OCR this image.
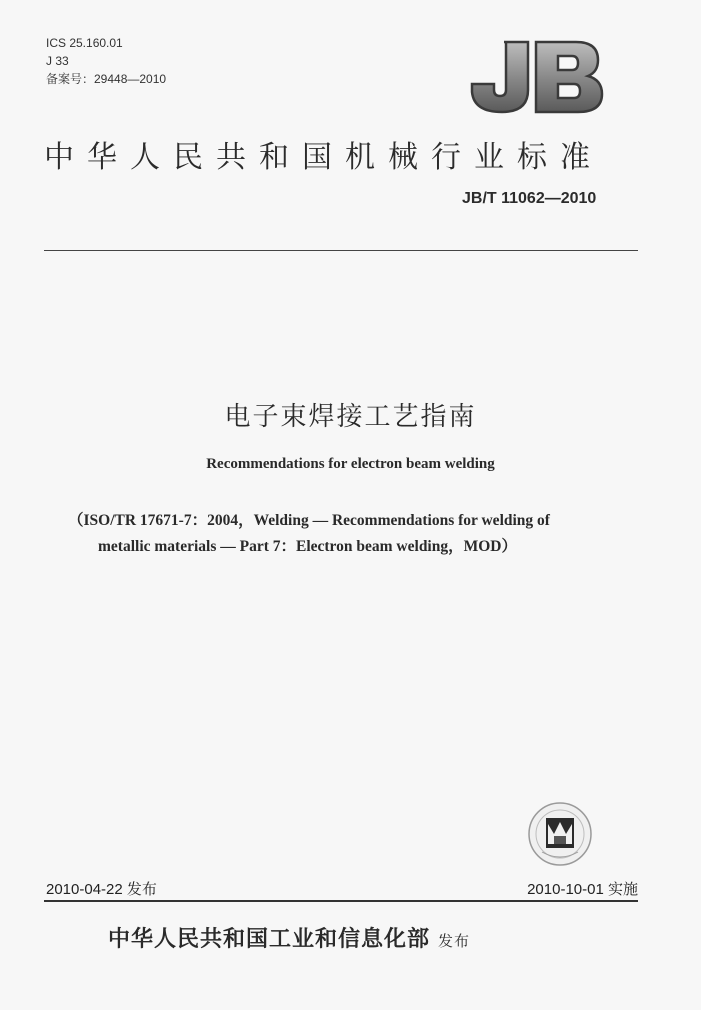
ICS 25.160.01
J 33
备案号：29448—2010
中华人民共和国机械行业标准
JB/T 11062—2010
电子束焊接工艺指南
Recommendations for electron beam welding
（ISO/TR 17671-7：2004，Welding — Recommendations for welding of
metallic materials — Part 7：Electron beam welding，MOD）
2010-04-22 发布	2010-10-01 实施
中华人民共和国工业和信息化部 发布
